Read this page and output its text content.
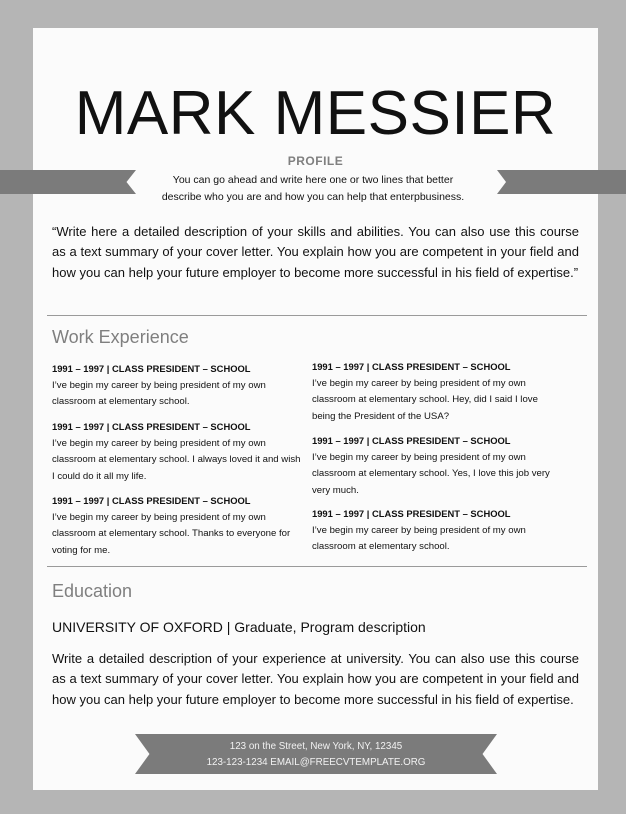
MARK MESSIER
PROFILE
You can go ahead and write here one or two lines that better
describe who you are and how you can help that enterpbusiness.
“Write here a detailed description of your skills and abilities. You can also use this course as a text summary of your cover letter. You explain how you are competent in your field and how you can help your future employer to become more successful in his field of expertise.”
Work Experience
1991 – 1997 | CLASS PRESIDENT – SCHOOL
I’ve begin my career by being president of my own classroom at elementary school.
1991 – 1997 | CLASS PRESIDENT – SCHOOL
I’ve begin my career by being president of my own classroom at elementary school. I always loved it and wish I could do it all my life.
1991 – 1997 | CLASS PRESIDENT – SCHOOL
I’ve begin my career by being president of my own classroom at elementary school. Thanks to everyone for voting for me.
1991 – 1997 | CLASS PRESIDENT – SCHOOL
I’ve begin my career by being president of my own classroom at elementary school. Hey, did I said I love being the President of the USA?
1991 – 1997 | CLASS PRESIDENT – SCHOOL
I’ve begin my career by being president of my own classroom at elementary school. Yes, I love this job very very much.
1991 – 1997 | CLASS PRESIDENT – SCHOOL
I’ve begin my career by being president of my own classroom at elementary school.
Education
UNIVERSITY OF OXFORD | Graduate, Program description
Write a detailed description of your experience at university. You can also use this course as a text summary of your cover letter. You explain how you are competent in your field and how you can help your future employer to become more successful in his field of expertise.
123 on the Street, New York, NY, 12345
123-123-1234 EMAIL@FREECVTEMPLATE.ORG
